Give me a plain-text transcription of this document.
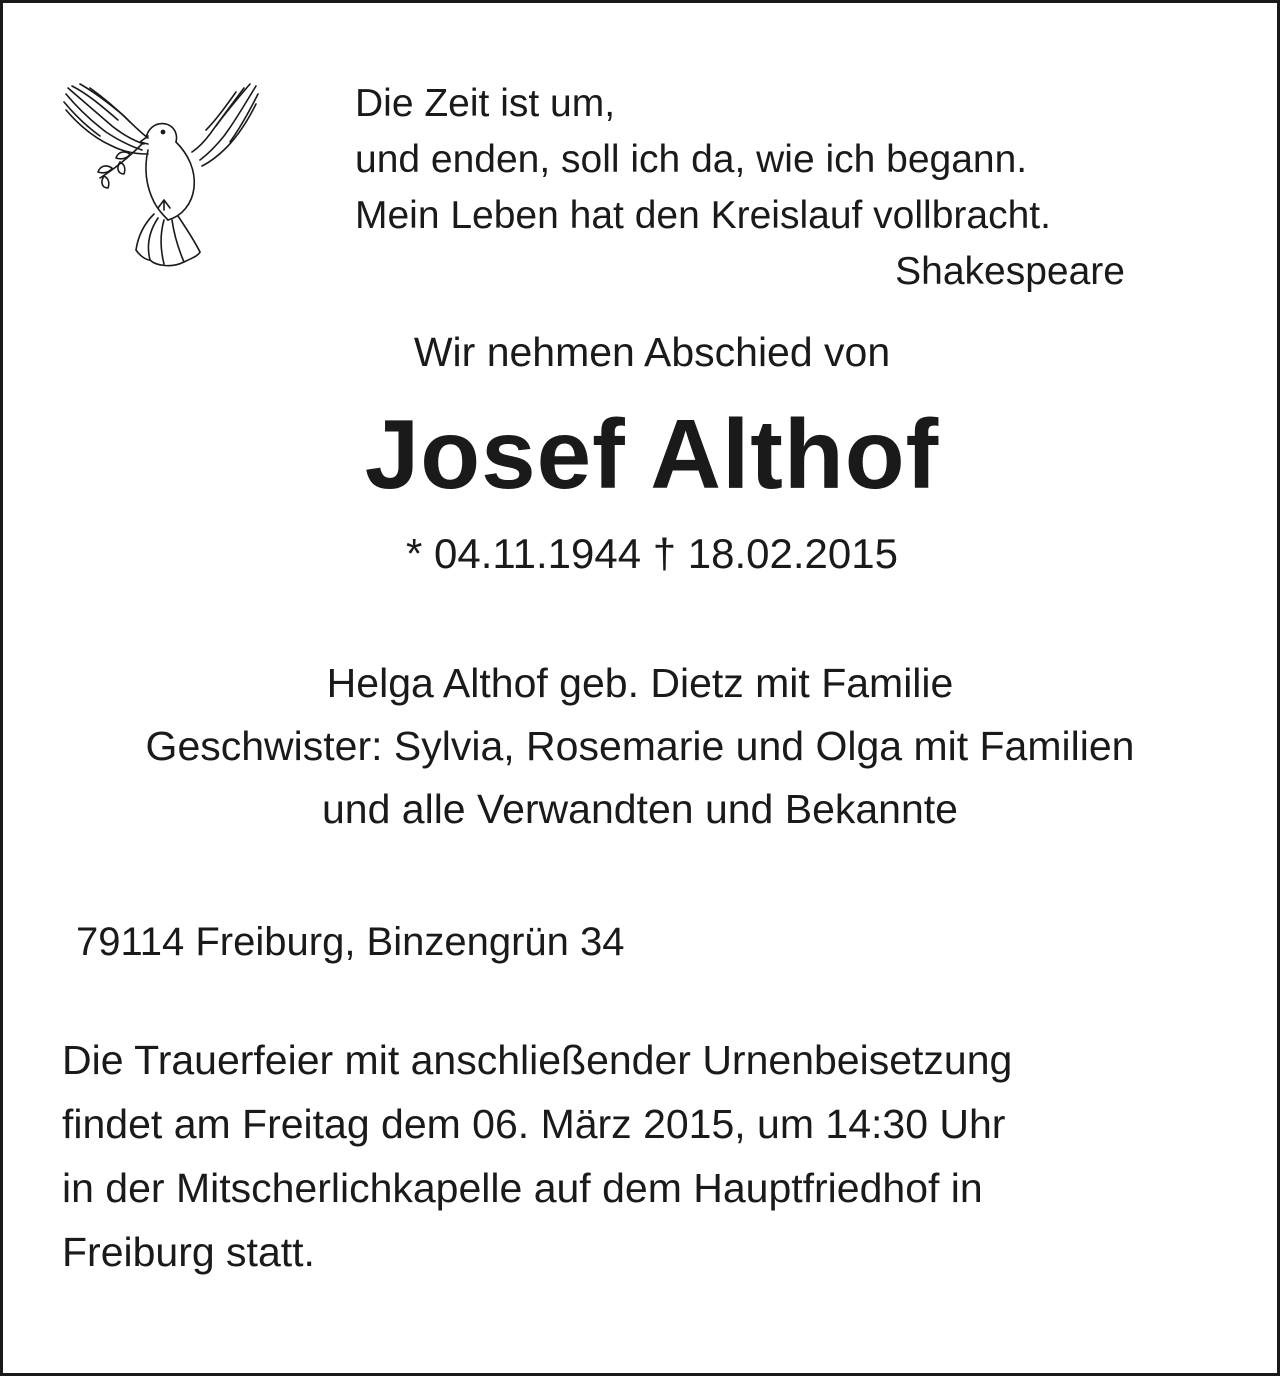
Die Zeit ist um,
und enden, soll ich da, wie ich begann.
Mein Leben hat den Kreislauf vollbracht.
Shakespeare
Wir nehmen Abschied von
Josef Althof
* 04.11.1944 † 18.02.2015
Helga Althof geb. Dietz mit Familie
Geschwister: Sylvia, Rosemarie und Olga mit Familien
und alle Verwandten und Bekannte
79114 Freiburg, Binzengrün 34
Die Trauerfeier mit anschließender Urnenbeisetzung
findet am Freitag dem 06. März 2015, um 14:30 Uhr
in der Mitscherlichkapelle auf dem Hauptfriedhof in
Freiburg statt.
